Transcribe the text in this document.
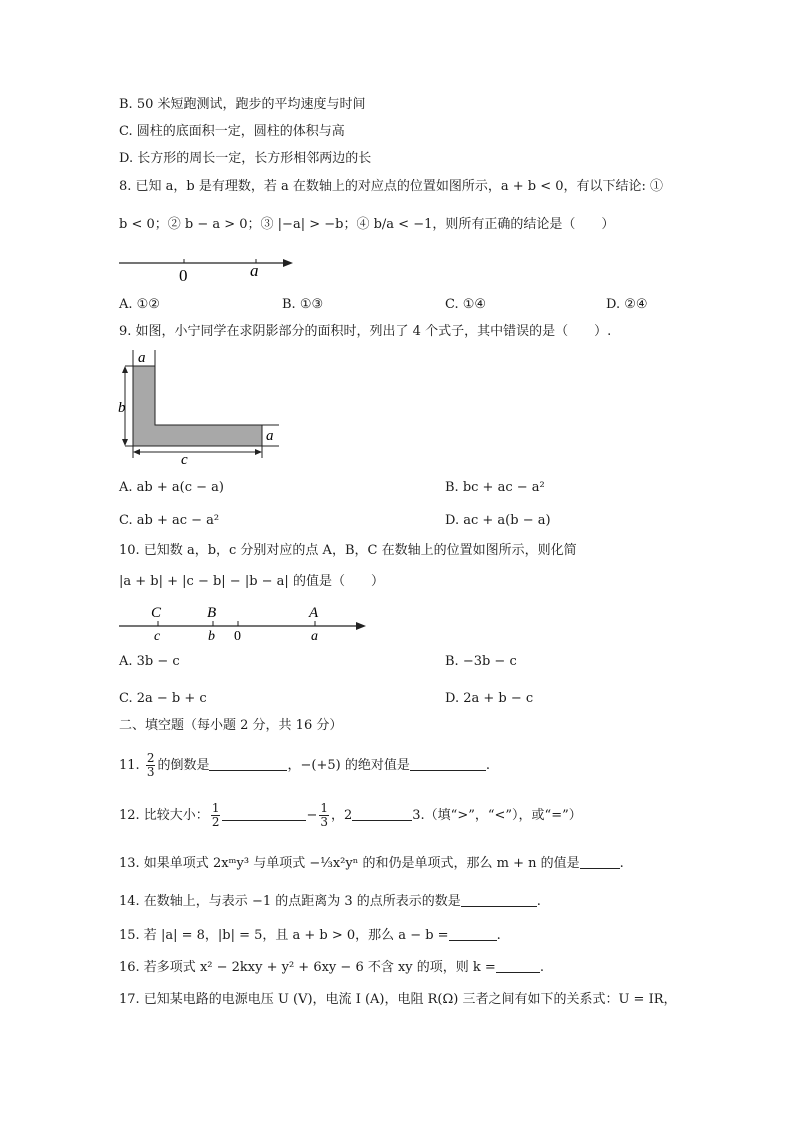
B. 50 米短跑测试，跑步的平均速度与时间
C. 圆柱的底面积一定，圆柱的体积与高
D. 长方形的周长一定，长方形相邻两边的长
8. 已知 a，b 是有理数，若 a 在数轴上的对应点的位置如图所示，a + b < 0，有以下结论: ①
b < 0；② b − a > 0；③ |−a| > −b；④ b/a < −1，则所有正确的结论是（　　）
0	a
A. ①②	B. ①③	C. ①④	D. ②④
9. 如图，小宁同学在求阴影部分的面积时，列出了 4 个式子，其中错误的是（　　）.
a
b
a
c
A. ab + a(c − a)	B. bc + ac − a²
C. ab + ac − a²	D. ac + a(b − a)
10. 已知数 a，b，c 分别对应的点 A，B，C 在数轴上的位置如图所示，则化简
|a + b| + |c − b| − |b − a| 的值是（　　）
C	B	A
c	b 0	a
A. 3b − c	B. −3b − c
C. 2a − b + c	D. 2a + b − c
二、填空题（每小题 2 分，共 16 分）
11. $\frac{2}{3}$ 的倒数是	，−(+5) 的绝对值是	.
12. 比较大小： $\frac{1}{2}$	− $\frac{1}{3}$ ，2	3.（填“>”，“<”），或“=”）
13. 如果单项式 2xᵐy³ 与单项式 −⅓x²yⁿ 的和仍是单项式，那么 m + n 的值是	.
14. 在数轴上，与表示 −1 的点距离为 3 的点所表示的数是	.
15. 若 |a| = 8，|b| = 5，且 a + b > 0，那么 a − b =	.
16. 若多项式 x² − 2kxy + y² + 6xy − 6 不含 xy 的项，则 k =	.
17. 已知某电路的电源电压 U (V)，电流 I (A)，电阻 R(Ω) 三者之间有如下的关系式：U = IR，
